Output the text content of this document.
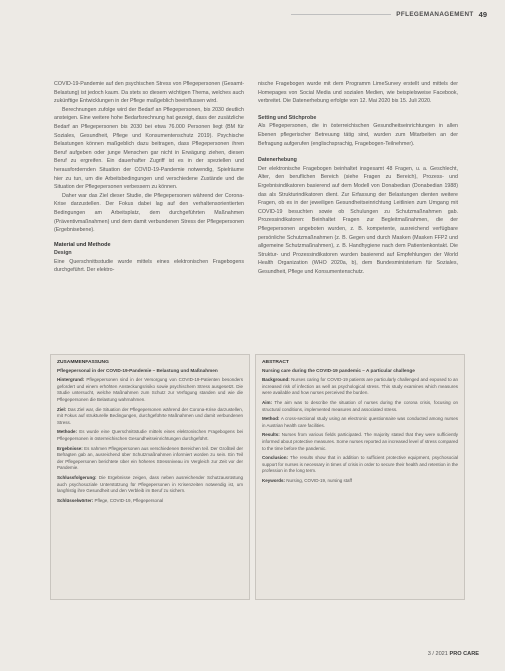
PFLEGEMANAGEMENT 49

COVID-19-Pandemie auf den psychischen Stress von Pflegepersonen (Gesamt-Belastung) ist jedoch kaum. Da stets so diesem wichtigen Thema, welches auch zukünftige Entwicklungen in der Pflege maßgeblich beeinflussen wird.

Berechnungen zufolge wird der Bedarf an Pflegepersonen, bis 2030 deutlich ansteigen. Eine weitere hohe Bedarfsrechnung hat gezeigt, dass der zusätzliche Bedarf an Pflegepersonen bis 2030 bei etwa 76.000 Personen liegt (BM für Soziales, Gesundheit, Pflege und Konsumentenschutz 2019). Psychische Belastungen können maßgeblich dazu beitragen, dass Pflegepersonen ihren Beruf aufgeben oder junge Menschen gar nicht in Erwägung ziehen, diesen Beruf zu ergreifen. Ein dauerhafter Zugriff ist es in der speziellen und herausfordernden Situation der COVID-19-Pandemie notwendig, Spielräume hier zu tun, um die Arbeitsbedingungen und verschiedene Zustände und die Situation der Pflegepersonen verbessern zu können.

Daher war das Ziel dieser Studie, die Pflegepersonen während der Corona-Krise darzustellen. Der Fokus dabei lag auf den verhaltensorientierten Bedingungen am Arbeitsplatz, dem durchgeführten Maßnahmen (Präventivmaßnahmen) und dem damit verbundenen Stress der Pflegepersonen (Ergebnisebene).

Material und Methode
Design

Eine Querschnittsstudie wurde mittels eines elektronischen Fragebogens durchgeführt. Der elektro-

nische Fragebogen wurde mit dem Programm LimeSurvey erstellt und mittels der Homepages von Social Media und sozialen Medien, wie beispielsweise Facebook, verbreitet. Die Datenerhebung erfolgte von 12. Mai 2020 bis 15. Juli 2020.

Setting und Stichprobe

Als Pflegepersonen, die in österreichischen Gesundheitseinrichtungen in allen Ebenen pflegerischer Betreuung tätig sind, wurden zum Mitarbeiten an der Befragung aufgerufen (englischsprachig, Fragebogen-Teilnehmer).

Datenerhebung

Der elektronische Fragebogen beinhaltet insgesamt 48 Fragen, u. a. Geschlecht, Alter, den beruflichen Bereich (siehe Fragen zu Bereich), Prozess- und Ergebnisindikatoren basierend auf dem Modell von Donabedian (Donabedian 1988) das als Strukturindikatoren dient. Zur Erfassung der Belastungen dienten weitere Fragen, ob es in der jeweiligen Gesundheitseinrichtung Leitlinien zum Umgang mit COVID-19 besuchten sowie ob Schulungen zu Schutzmaßnahmen gab. Prozessindikatoren: Beinhaltet Fragen zur Begleitmaßnahmen, die der Pflegepersonen angeboten wurden, z. B. kompetente, ausreichend verfügbare persönliche Schutzmaßnahmen (z. B. Gegen und durch Masken (Masken FFP2 und allgemeine Schutzmaßnahmen), z. B. Handhygiene nach dem Patientenkontakt. Die Struktur- und Prozessindikatoren wurden basierend auf Empfehlungen der World Health Organization (WHO 2020a, b), dem Bundesministerium für Soziales, Gesundheit, Pflege und Konsumentenschutz.

ZUSAMMENFASSUNG
Pflegepersonal in der COVID-19-Pandemie – Belastung und Maßnahmen

Hintergrund: Pflegepersonen sind in der Versorgung von COVID-19-Patienten besonders gefordert und einem erhöhten Ansteckungsrisiko sowie psychischem Stress ausgesetzt. Die Studie untersucht, welche Maßnahmen zum Schutz zur Verfügung standen und wie die Pflegepersonen die Belastung wahrnahmen.

Ziel: Das Ziel war, die Situation der Pflegepersonen während der Corona-Krise darzustellen, mit Fokus auf strukturelle Bedingungen, durchgeführte Maßnahmen und damit verbundenen Stress.

Methode: Es wurde eine Querschnittstudie mittels eines elektronischen Fragebogens bei Pflegepersonen in österreichischen Gesundheitseinrichtungen durchgeführt.

Ergebnisse: Es nahmen Pflegepersonen aus verschiedenen Bereichen teil. Der Großteil der Befragten gab an, ausreichend über Schutzmaßnahmen informiert worden zu sein. Ein Teil der Pflegepersonen berichtete über ein höheres Stressniveau im Vergleich zur Zeit vor der Pandemie.

Schlussfolgerung: Die Ergebnisse zeigen, dass neben ausreichender Schutzausrüstung auch psychosoziale Unterstützung für Pflegepersonen in Krisenzeiten notwendig ist, um langfristig ihre Gesundheit und den Verbleib im Beruf zu sichern.

Schlüsselwörter: Pflege, COVID-19, Pflegepersonal

ABSTRACT
Nursing care during the COVID-19 pandemic – A particular challenge

Background: Nurses caring for COVID-19 patients are particularly challenged and exposed to an increased risk of infection as well as psychological stress. This study examines which measures were available and how nurses perceived the burden.

Aim: The aim was to describe the situation of nurses during the corona crisis, focusing on structural conditions, implemented measures and associated stress.

Method: A cross-sectional study using an electronic questionnaire was conducted among nurses in Austrian health care facilities.

Results: Nurses from various fields participated. The majority stated that they were sufficiently informed about protective measures. Some nurses reported an increased level of stress compared to the time before the pandemic.

Conclusion: The results show that in addition to sufficient protective equipment, psychosocial support for nurses is necessary in times of crisis in order to secure their health and retention in the profession in the long term.

Keywords: Nursing, COVID-19, nursing staff

3 / 2021 PRO CARE
